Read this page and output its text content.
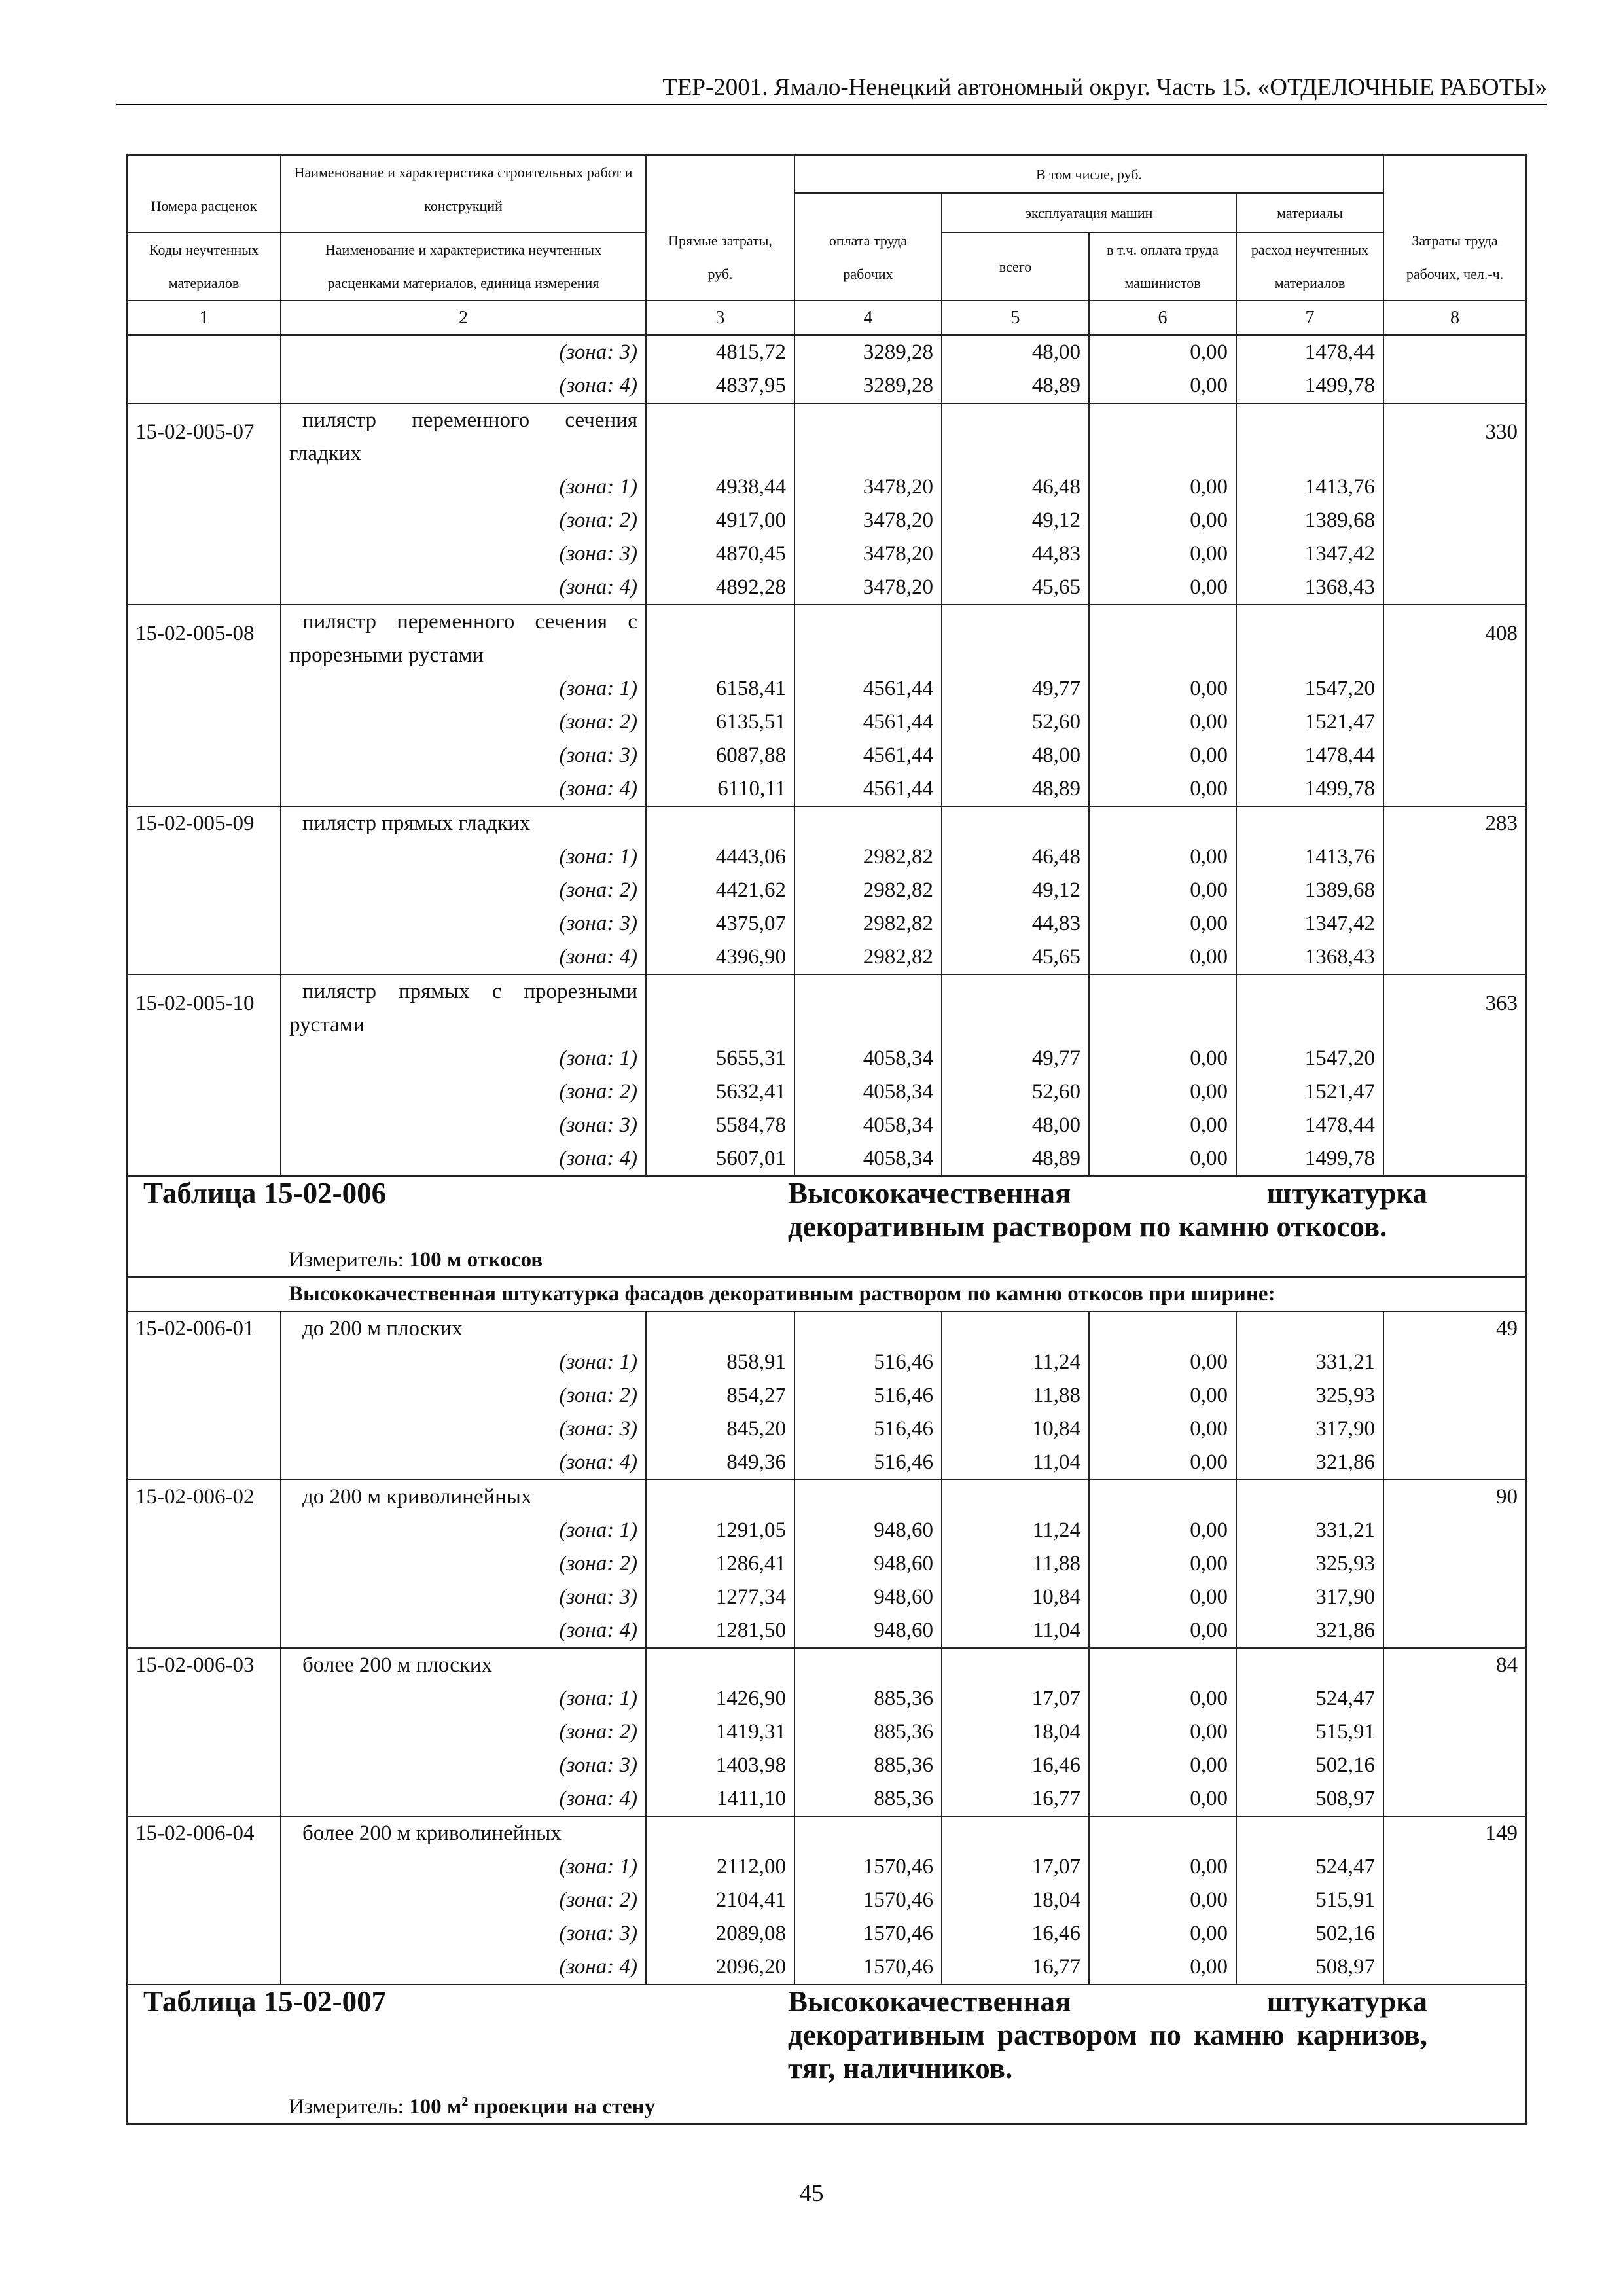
ТЕР-2001. Ямало-Ненецкий автономный округ. Часть 15. «ОТДЕЛОЧНЫЕ РАБОТЫ»
Номера расценок	Наименование и характеристика строительных работ и конструкций	Прямые затраты, руб.	В том числе, руб.	Затраты труда рабочих, чел.-ч.
оплата труда рабочих	эксплуатация машин	материалы
Коды неучтенных материалов	Наименование и характеристика неучтенных расценками материалов, единица измерения	всего	в т.ч. оплата труда машинистов	расход неучтенных материалов

1	2	3	4	5	6	7	8
	(зона: 3)	4815,72	3289,28	48,00	0,00	1478,44	
	(зона: 4)	4837,95	3289,28	48,89	0,00	1499,78	
15-02-005-07	пилястр переменного сечения гладких						330
	(зона: 1)	4938,44	3478,20	46,48	0,00	1413,76	
	(зона: 2)	4917,00	3478,20	49,12	0,00	1389,68	
	(зона: 3)	4870,45	3478,20	44,83	0,00	1347,42	
	(зона: 4)	4892,28	3478,20	45,65	0,00	1368,43	
15-02-005-08	пилястр переменного сечения с прорезными рустами						408
	(зона: 1)	6158,41	4561,44	49,77	0,00	1547,20	
	(зона: 2)	6135,51	4561,44	52,60	0,00	1521,47	
	(зона: 3)	6087,88	4561,44	48,00	0,00	1478,44	
	(зона: 4)	6110,11	4561,44	48,89	0,00	1499,78	
15-02-005-09	пилястр прямых гладких						283
	(зона: 1)	4443,06	2982,82	46,48	0,00	1413,76	
	(зона: 2)	4421,62	2982,82	49,12	0,00	1389,68	
	(зона: 3)	4375,07	2982,82	44,83	0,00	1347,42	
	(зона: 4)	4396,90	2982,82	45,65	0,00	1368,43	
15-02-005-10	пилястр прямых с прорезными рустами						363
	(зона: 1)	5655,31	4058,34	49,77	0,00	1547,20	
	(зона: 2)	5632,41	4058,34	52,60	0,00	1521,47	
	(зона: 3)	5584,78	4058,34	48,00	0,00	1478,44	
	(зона: 4)	5607,01	4058,34	48,89	0,00	1499,78	
Таблица 15-02-006	Высококачественная штукатурка декоративным раствором по камню откосов.
	Измеритель: 100 м откосов
	Высококачественная штукатурка фасадов декоративным раствором по камню откосов при ширине:
15-02-006-01	до 200 м плоских						49
	(зона: 1)	858,91	516,46	11,24	0,00	331,21	
	(зона: 2)	854,27	516,46	11,88	0,00	325,93	
	(зона: 3)	845,20	516,46	10,84	0,00	317,90	
	(зона: 4)	849,36	516,46	11,04	0,00	321,86	
15-02-006-02	до 200 м криволинейных						90
	(зона: 1)	1291,05	948,60	11,24	0,00	331,21	
	(зона: 2)	1286,41	948,60	11,88	0,00	325,93	
	(зона: 3)	1277,34	948,60	10,84	0,00	317,90	
	(зона: 4)	1281,50	948,60	11,04	0,00	321,86	
15-02-006-03	более 200 м плоских						84
	(зона: 1)	1426,90	885,36	17,07	0,00	524,47	
	(зона: 2)	1419,31	885,36	18,04	0,00	515,91	
	(зона: 3)	1403,98	885,36	16,46	0,00	502,16	
	(зона: 4)	1411,10	885,36	16,77	0,00	508,97	
15-02-006-04	более 200 м криволинейных						149
	(зона: 1)	2112,00	1570,46	17,07	0,00	524,47	
	(зона: 2)	2104,41	1570,46	18,04	0,00	515,91	
	(зона: 3)	2089,08	1570,46	16,46	0,00	502,16	
	(зона: 4)	2096,20	1570,46	16,77	0,00	508,97	
Таблица 15-02-007	Высококачественная штукатурка декоративным раствором по камню карнизов, тяг, наличников.
	Измеритель: 100 $м^2$ проекции на стену
45
